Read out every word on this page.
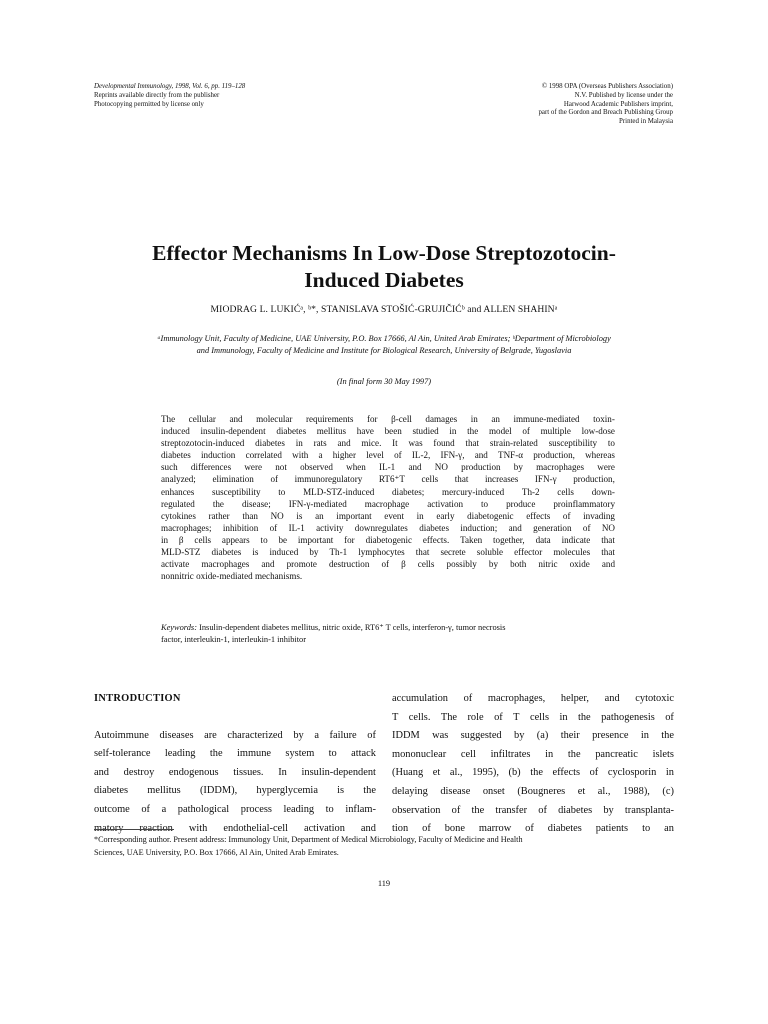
Developmental Immunology, 1998, Vol. 6, pp. 119–128
Reprints available directly from the publisher
Photocopying permitted by license only
© 1998 OPA (Overseas Publishers Association)
N.V. Published by license under the
Harwood Academic Publishers imprint,
part of the Gordon and Breach Publishing Group
Printed in Malaysia
Effector Mechanisms In Low-Dose Streptozotocin-
Induced Diabetes
MIODRAG L. LUKIĆᵃ, ᵇ*, STANISLAVA STOŠIĆ-GRUJIČIĆᵇ and ALLEN SHAHINᵃ
ᵃImmunology Unit, Faculty of Medicine, UAE University, P.O. Box 17666, Al Ain, United Arab Emirates; ᵇDepartment of Microbiology
and Immunology, Faculty of Medicine and Institute for Biological Research, University of Belgrade, Yugoslavia
(In final form 30 May 1997)
The cellular and molecular requirements for β-cell damages in an immune-mediated toxin-
induced insulin-dependent diabetes mellitus have been studied in the model of multiple low-dose
streptozotocin-induced diabetes in rats and mice. It was found that strain-related susceptibility to
diabetes induction correlated with a higher level of IL-2, IFN-γ, and TNF-α production, whereas
such differences were not observed when IL-1 and NO production by macrophages were
analyzed; elimination of immunoregulatory RT6⁺T cells that increases IFN-γ production,
enhances susceptibility to MLD-STZ-induced diabetes; mercury-induced Th-2 cells down-
regulated the disease; IFN-γ-mediated macrophage activation to produce proinflammatory
cytokines rather than NO is an important event in early diabetogenic effects of invading
macrophages; inhibition of IL-1 activity downregulates diabetes induction; and generation of NO
in β cells appears to be important for diabetogenic effects. Taken together, data indicate that
MLD-STZ diabetes is induced by Th-1 lymphocytes that secrete soluble effector molecules that
activate macrophages and promote destruction of β cells possibly by both nitric oxide and
nonnitric oxide-mediated mechanisms.
Keywords: Insulin-dependent diabetes mellitus, nitric oxide, RT6⁺ T cells, interferon-γ, tumor necrosis
factor, interleukin-1, interleukin-1 inhibitor
INTRODUCTION
Autoimmune diseases are characterized by a failure of
self-tolerance leading the immune system to attack
and destroy endogenous tissues. In insulin-dependent
diabetes mellitus (IDDM), hyperglycemia is the
outcome of a pathological process leading to inflam-
matory reaction with endothelial-cell activation and
accumulation of macrophages, helper, and cytotoxic
T cells. The role of T cells in the pathogenesis of
IDDM was suggested by (a) their presence in the
mononuclear cell infiltrates in the pancreatic islets
(Huang et al., 1995), (b) the effects of cyclosporin in
delaying disease onset (Bougneres et al., 1988), (c)
observation of the transfer of diabetes by transplanta-
tion of bone marrow of diabetes patients to an
*Corresponding author. Present address: Immunology Unit, Department of Medical Microbiology, Faculty of Medicine and Health
Sciences, UAE University, P.O. Box 17666, Al Ain, United Arab Emirates.
119
